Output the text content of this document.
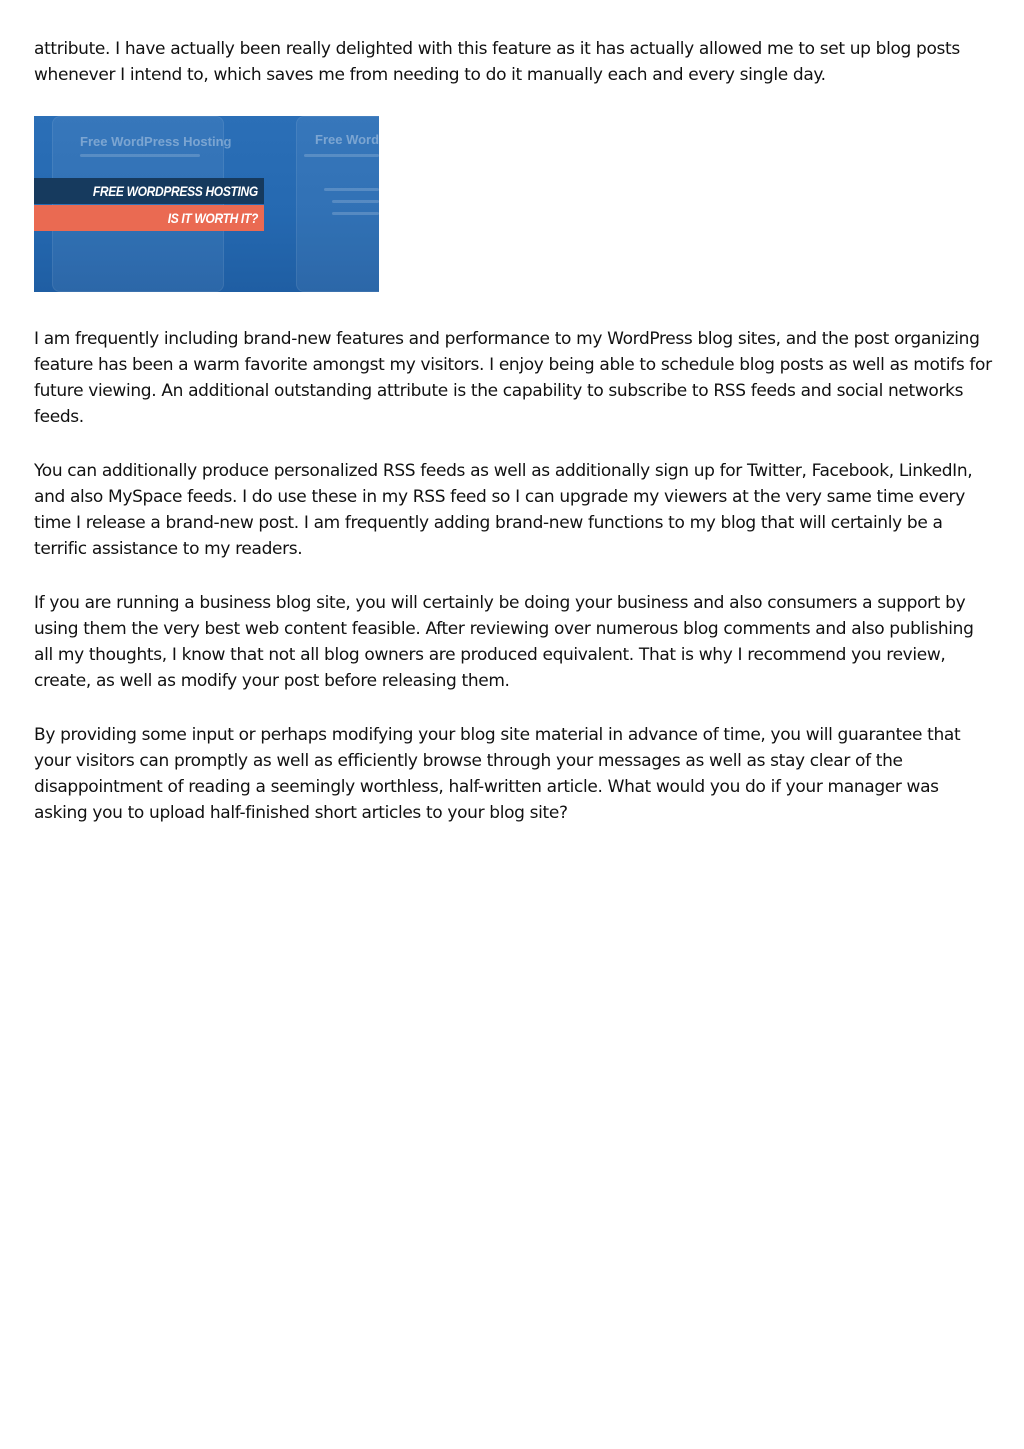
attribute. I have actually been really delighted with this feature as it has actually allowed me to set up blog posts whenever I intend to, which saves me from needing to do it manually each and every single day.

Free WordPress Hosting	Free Word
FREE WORDPRESS HOSTING
IS IT WORTH IT?

I am frequently including brand-new features and performance to my WordPress blog sites, and the post organizing feature has been a warm favorite amongst my visitors. I enjoy being able to schedule blog posts as well as motifs for future viewing. An additional outstanding attribute is the capability to subscribe to RSS feeds and social networks feeds.

You can additionally produce personalized RSS feeds as well as additionally sign up for Twitter, Facebook, LinkedIn, and also MySpace feeds. I do use these in my RSS feed so I can upgrade my viewers at the very same time every time I release a brand-new post. I am frequently adding brand-new functions to my blog that will certainly be a terrific assistance to my readers.

If you are running a business blog site, you will certainly be doing your business and also consumers a support by using them the very best web content feasible. After reviewing over numerous blog comments and also publishing all my thoughts, I know that not all blog owners are produced equivalent. That is why I recommend you review, create, as well as modify your post before releasing them.

By providing some input or perhaps modifying your blog site material in advance of time, you will guarantee that your visitors can promptly as well as efficiently browse through your messages as well as stay clear of the disappointment of reading a seemingly worthless, half-written article. What would you do if your manager was asking you to upload half-finished short articles to your blog site?
